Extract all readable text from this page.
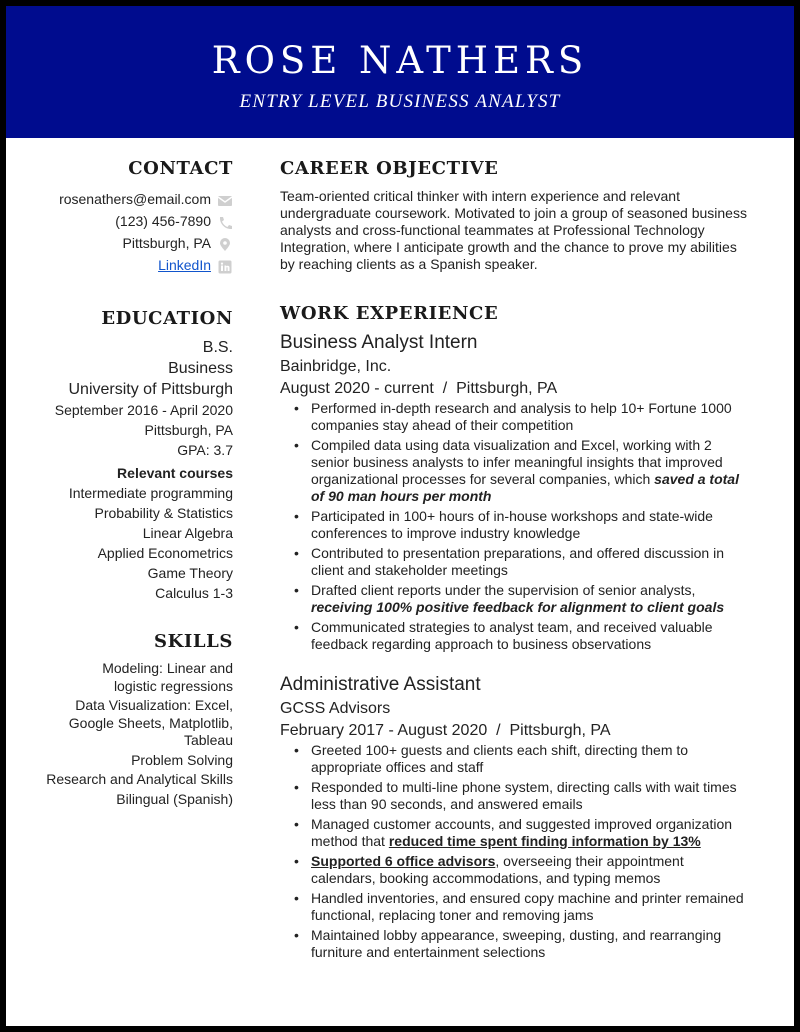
ROSE NATHERS
ENTRY LEVEL BUSINESS ANALYST
CONTACT
rosenathers@email.com
(123) 456-7890
Pittsburgh, PA
LinkedIn
EDUCATION
B.S.
Business
University of Pittsburgh
September 2016 - April 2020
Pittsburgh, PA
GPA: 3.7
Relevant courses
Intermediate programming
Probability & Statistics
Linear Algebra
Applied Econometrics
Game Theory
Calculus 1-3
SKILLS
Modeling: Linear and logistic regressions
Data Visualization: Excel, Google Sheets, Matplotlib, Tableau
Problem Solving
Research and Analytical Skills
Bilingual (Spanish)
CAREER OBJECTIVE
Team-oriented critical thinker with intern experience and relevant undergraduate coursework. Motivated to join a group of seasoned business analysts and cross-functional teammates at Professional Technology Integration, where I anticipate growth and the chance to prove my abilities by reaching clients as a Spanish speaker.
WORK EXPERIENCE
Business Analyst Intern
Bainbridge, Inc.
August 2020 - current  /  Pittsburgh, PA
• Performed in-depth research and analysis to help 10+ Fortune 1000 companies stay ahead of their competition
• Compiled data using data visualization and Excel, working with 2 senior business analysts to infer meaningful insights that improved organizational processes for several companies, which saved a total of 90 man hours per month
• Participated in 100+ hours of in-house workshops and state-wide conferences to improve industry knowledge
• Contributed to presentation preparations, and offered discussion in client and stakeholder meetings
• Drafted client reports under the supervision of senior analysts, receiving 100% positive feedback for alignment to client goals
• Communicated strategies to analyst team, and received valuable feedback regarding approach to business observations
Administrative Assistant
GCSS Advisors
February 2017 - August 2020  /  Pittsburgh, PA
• Greeted 100+ guests and clients each shift, directing them to appropriate offices and staff
• Responded to multi-line phone system, directing calls with wait times less than 90 seconds, and answered emails
• Managed customer accounts, and suggested improved organization method that reduced time spent finding information by 13%
• Supported 6 office advisors, overseeing their appointment calendars, booking accommodations, and typing memos
• Handled inventories, and ensured copy machine and printer remained functional, replacing toner and removing jams
• Maintained lobby appearance, sweeping, dusting, and rearranging furniture and entertainment selections
